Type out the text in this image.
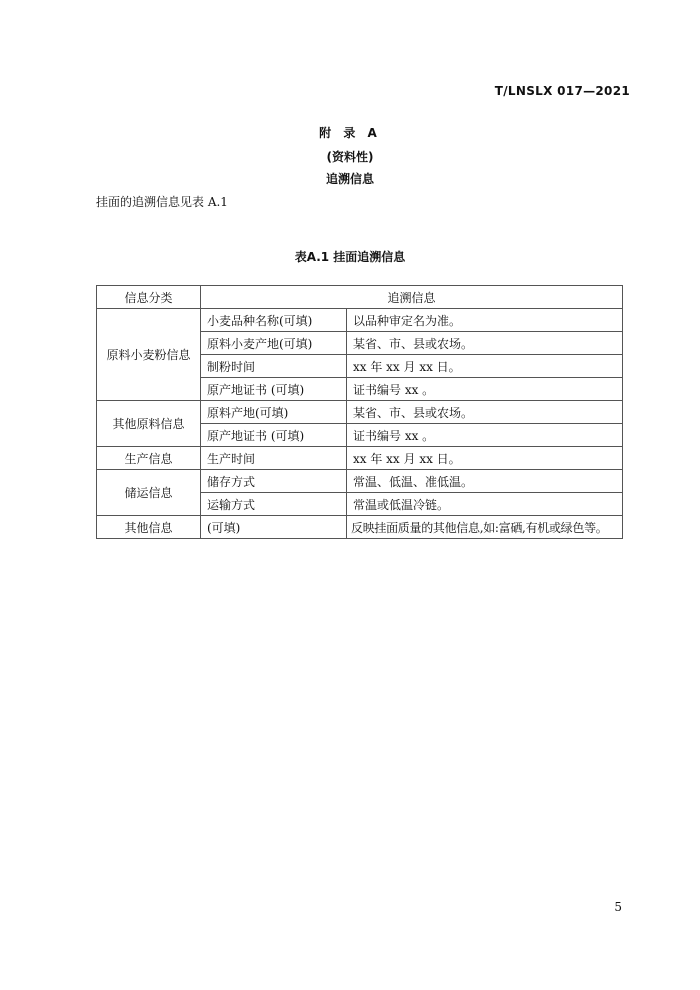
T/LNSLX 017—2021
附 录 A
(资料性)
追溯信息
挂面的追溯信息见表 A.1
表A.1 挂面追溯信息
信息分类	追溯信息	
原料小麦粉信息	小麦品种名称(可填)	以品种审定名为准。
	原料小麦产地(可填)	某省、市、县或农场。
	制粉时间	xx 年 xx 月 xx 日。
	原产地证书 (可填)	证书编号 xx 。
其他原料信息	原料产地(可填)	某省、市、县或农场。
	原产地证书 (可填)	证书编号 xx 。
生产信息	生产时间	xx 年 xx 月 xx 日。
储运信息	储存方式	常温、低温、准低温。
	运输方式	常温或低温冷链。
其他信息	(可填)	反映挂面质量的其他信息,如:富硒,有机或绿色等。
5
